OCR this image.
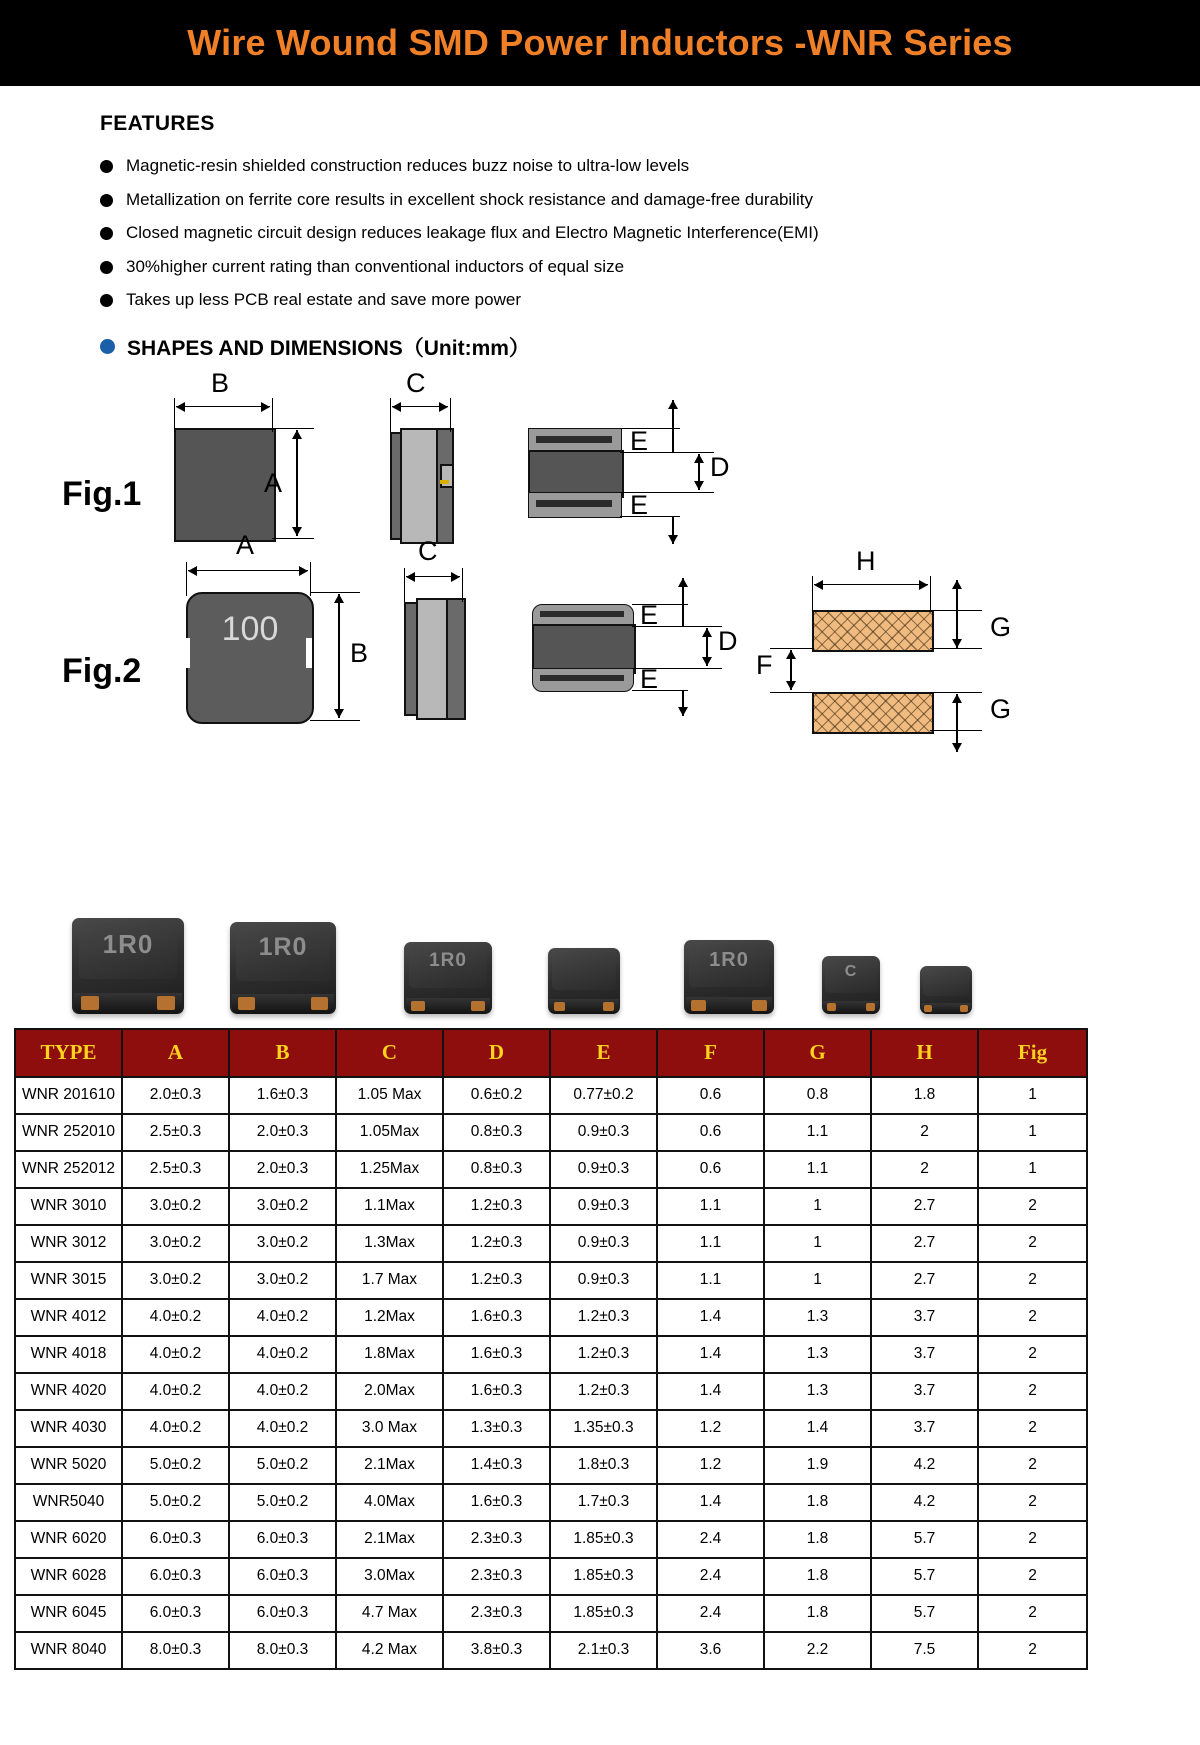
Wire Wound SMD Power Inductors -WNR Series
FEATURES
Magnetic-resin shielded construction reduces buzz noise to ultra-low levels
Metallization on ferrite core results in excellent shock resistance and damage-free durability
Closed magnetic circuit design reduces leakage flux and Electro Magnetic Interference(EMI)
30%higher current rating than conventional inductors of equal size
Takes up less PCB real estate and save more power
SHAPES AND DIMENSIONS（Unit:mm）
Fig.1
B
A
C
E
E
D
Fig.2
100
A
B
C
E
E
D
H
G
G
F
1R0	1R0
1R0	1R0
C
TYPE	A	B	C	D	E	F	G	H	Fig
WNR 201610	2.0±0.3	1.6±0.3	1.05 Max	0.6±0.2	0.77±0.2	0.6	0.8	1.8	1
WNR 252010	2.5±0.3	2.0±0.3	1.05Max	0.8±0.3	0.9±0.3	0.6	1.1	2	1
WNR 252012	2.5±0.3	2.0±0.3	1.25Max	0.8±0.3	0.9±0.3	0.6	1.1	2	1
WNR 3010	3.0±0.2	3.0±0.2	1.1Max	1.2±0.3	0.9±0.3	1.1	1	2.7	2
WNR 3012	3.0±0.2	3.0±0.2	1.3Max	1.2±0.3	0.9±0.3	1.1	1	2.7	2
WNR 3015	3.0±0.2	3.0±0.2	1.7 Max	1.2±0.3	0.9±0.3	1.1	1	2.7	2
WNR 4012	4.0±0.2	4.0±0.2	1.2Max	1.6±0.3	1.2±0.3	1.4	1.3	3.7	2
WNR 4018	4.0±0.2	4.0±0.2	1.8Max	1.6±0.3	1.2±0.3	1.4	1.3	3.7	2
WNR 4020	4.0±0.2	4.0±0.2	2.0Max	1.6±0.3	1.2±0.3	1.4	1.3	3.7	2
WNR 4030	4.0±0.2	4.0±0.2	3.0 Max	1.3±0.3	1.35±0.3	1.2	1.4	3.7	2
WNR 5020	5.0±0.2	5.0±0.2	2.1Max	1.4±0.3	1.8±0.3	1.2	1.9	4.2	2
WNR5040	5.0±0.2	5.0±0.2	4.0Max	1.6±0.3	1.7±0.3	1.4	1.8	4.2	2
WNR 6020	6.0±0.3	6.0±0.3	2.1Max	2.3±0.3	1.85±0.3	2.4	1.8	5.7	2
WNR 6028	6.0±0.3	6.0±0.3	3.0Max	2.3±0.3	1.85±0.3	2.4	1.8	5.7	2
WNR 6045	6.0±0.3	6.0±0.3	4.7 Max	2.3±0.3	1.85±0.3	2.4	1.8	5.7	2
WNR 8040	8.0±0.3	8.0±0.3	4.2 Max	3.8±0.3	2.1±0.3	3.6	2.2	7.5	2
